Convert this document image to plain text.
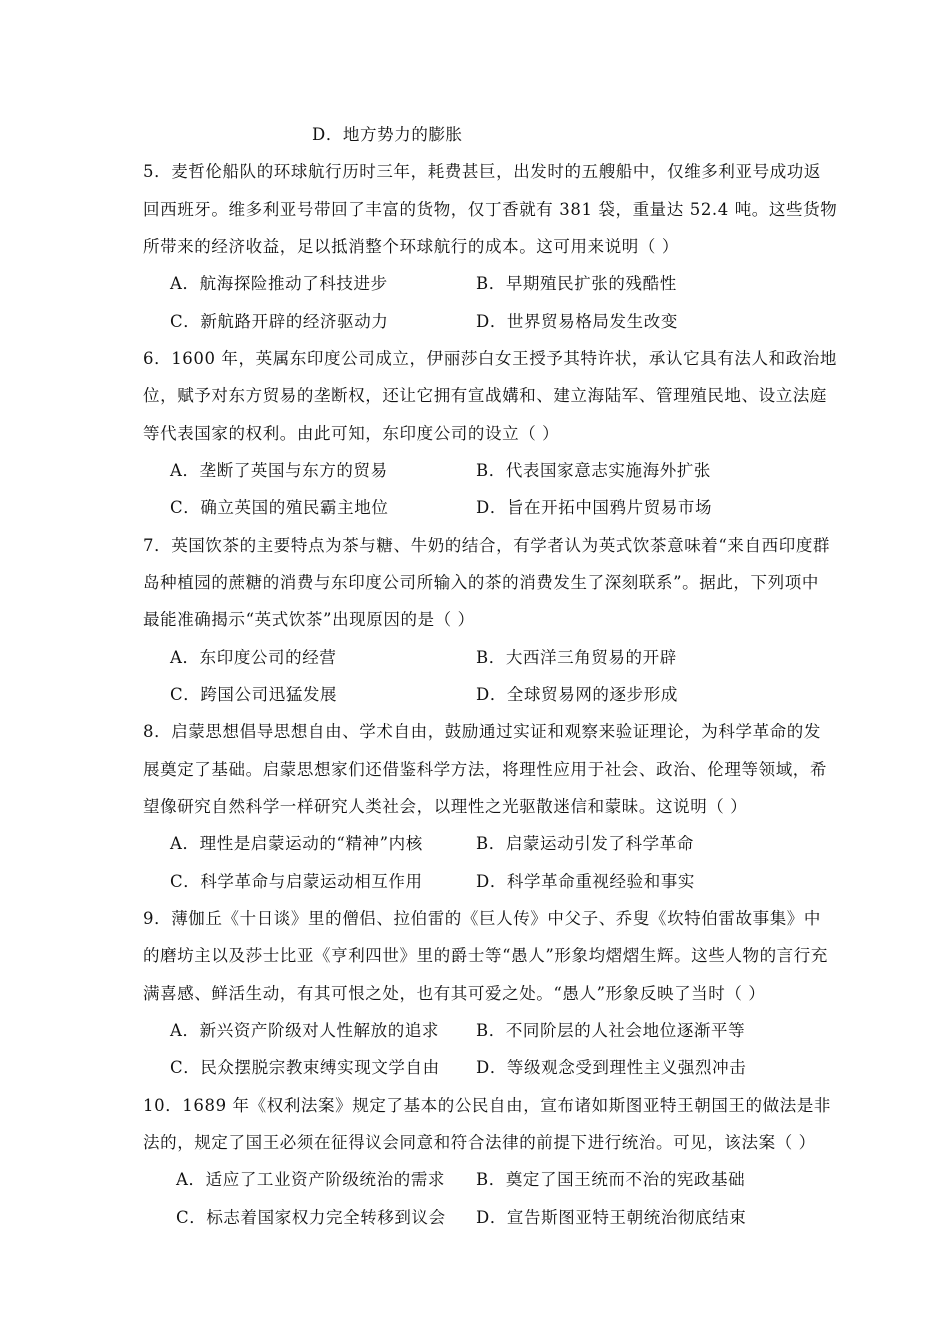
D．地方势力的膨胀
5．麦哲伦船队的环球航行历时三年，耗费甚巨，出发时的五艘船中，仅维多利亚号成功返
回西班牙。维多利亚号带回了丰富的货物，仅丁香就有 381 袋，重量达 52.4 吨。这些货物
所带来的经济收益，足以抵消整个环球航行的成本。这可用来说明（ ）
A．航海探险推动了科技进步	B．早期殖民扩张的残酷性
C．新航路开辟的经济驱动力	D．世界贸易格局发生改变
6．1600 年，英属东印度公司成立，伊丽莎白女王授予其特许状，承认它具有法人和政治地
位，赋予对东方贸易的垄断权，还让它拥有宣战媾和、建立海陆军、管理殖民地、设立法庭
等代表国家的权利。由此可知，东印度公司的设立（ ）
A．垄断了英国与东方的贸易	B．代表国家意志实施海外扩张
C．确立英国的殖民霸主地位	D．旨在开拓中国鸦片贸易市场
7．英国饮茶的主要特点为茶与糖、牛奶的结合，有学者认为英式饮茶意味着“来自西印度群
岛种植园的蔗糖的消费与东印度公司所输入的茶的消费发生了深刻联系”。据此，下列项中
最能准确揭示“英式饮茶”出现原因的是（ ）
A．东印度公司的经营	B．大西洋三角贸易的开辟
C．跨国公司迅猛发展	D．全球贸易网的逐步形成
8．启蒙思想倡导思想自由、学术自由，鼓励通过实证和观察来验证理论，为科学革命的发
展奠定了基础。启蒙思想家们还借鉴科学方法，将理性应用于社会、政治、伦理等领域，希
望像研究自然科学一样研究人类社会，以理性之光驱散迷信和蒙昧。这说明（ ）
A．理性是启蒙运动的“精神”内核	B．启蒙运动引发了科学革命
C．科学革命与启蒙运动相互作用	D．科学革命重视经验和事实
9．薄伽丘《十日谈》里的僧侣、拉伯雷的《巨人传》中父子、乔叟《坎特伯雷故事集》中
的磨坊主以及莎士比亚《亨利四世》里的爵士等“愚人”形象均熠熠生辉。这些人物的言行充
满喜感、鲜活生动，有其可恨之处，也有其可爱之处。“愚人”形象反映了当时（ ）
A．新兴资产阶级对人性解放的追求 B．不同阶层的人社会地位逐渐平等
C．民众摆脱宗教束缚实现文学自由 D．等级观念受到理性主义强烈冲击
10．1689 年《权利法案》规定了基本的公民自由，宣布诸如斯图亚特王朝国王的做法是非
法的，规定了国王必须在征得议会同意和符合法律的前提下进行统治。可见，该法案（ ）
A．适应了工业资产阶级统治的需求 B．奠定了国王统而不治的宪政基础
C．标志着国家权力完全转移到议会 D．宣告斯图亚特王朝统治彻底结束
